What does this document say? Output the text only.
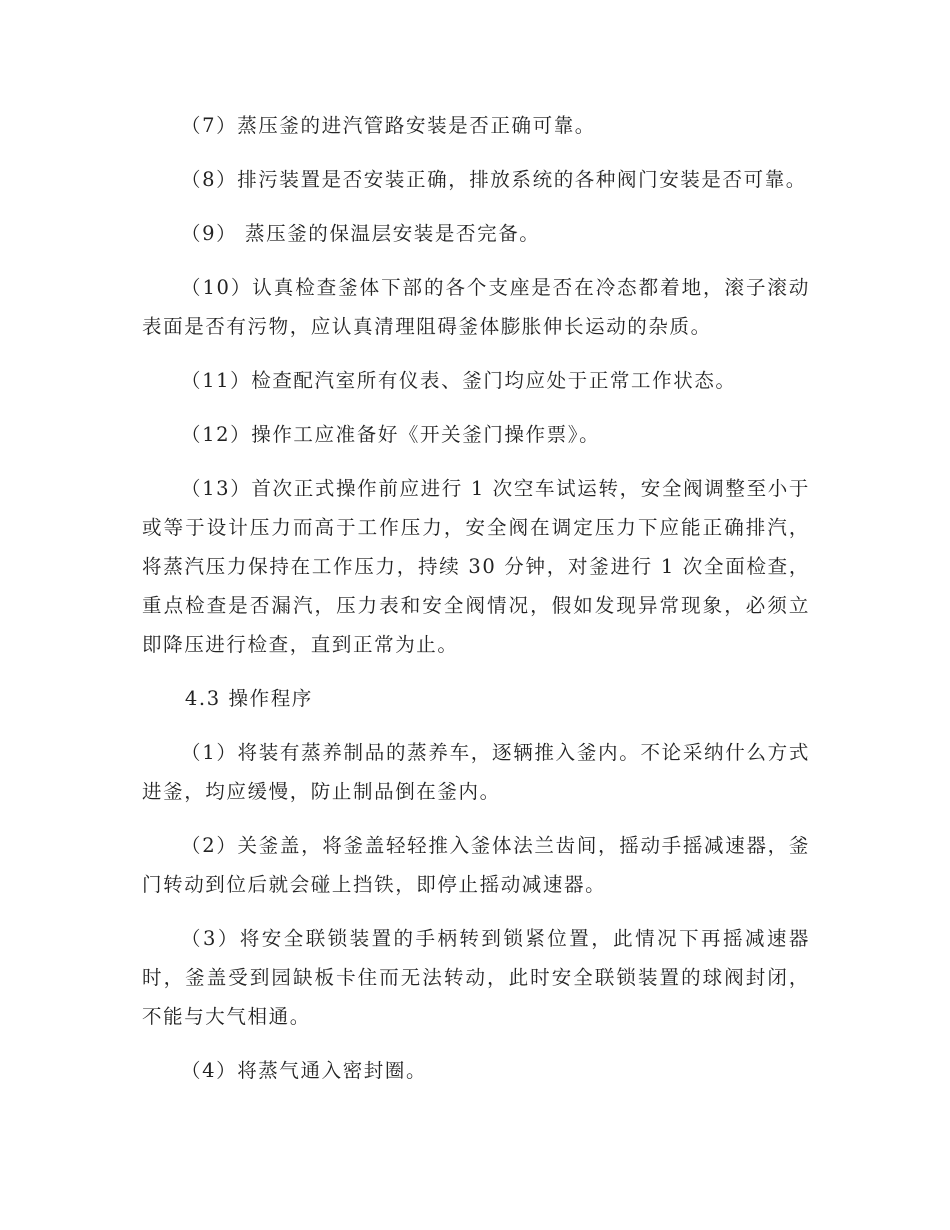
（7）蒸压釜的进汽管路安装是否正确可靠。

（8）排污装置是否安装正确，排放系统的各种阀门安装是否可靠。

（9） 蒸压釜的保温层安装是否完备。

（10）认真检查釜体下部的各个支座是否在冷态都着地，滚子滚动表面是否有污物，应认真清理阻碍釜体膨胀伸长运动的杂质。

（11）检查配汽室所有仪表、釜门均应处于正常工作状态。

（12）操作工应准备好《开关釜门操作票》。

（13）首次正式操作前应进行 1 次空车试运转，安全阀调整至小于或等于设计压力而高于工作压力，安全阀在调定压力下应能正确排汽，将蒸汽压力保持在工作压力，持续 30 分钟，对釜进行 1 次全面检查，重点检查是否漏汽，压力表和安全阀情况，假如发现异常现象，必须立即降压进行检查，直到正常为止。

4.3 操作程序

（1）将装有蒸养制品的蒸养车，逐辆推入釜内。不论采纳什么方式进釜，均应缓慢，防止制品倒在釜内。

（2）关釜盖，将釜盖轻轻推入釜体法兰齿间，摇动手摇减速器，釜门转动到位后就会碰上挡铁，即停止摇动减速器。

（3）将安全联锁装置的手柄转到锁紧位置，此情况下再摇减速器时，釜盖受到园缺板卡住而无法转动，此时安全联锁装置的球阀封闭，不能与大气相通。

（4）将蒸气通入密封圈。
